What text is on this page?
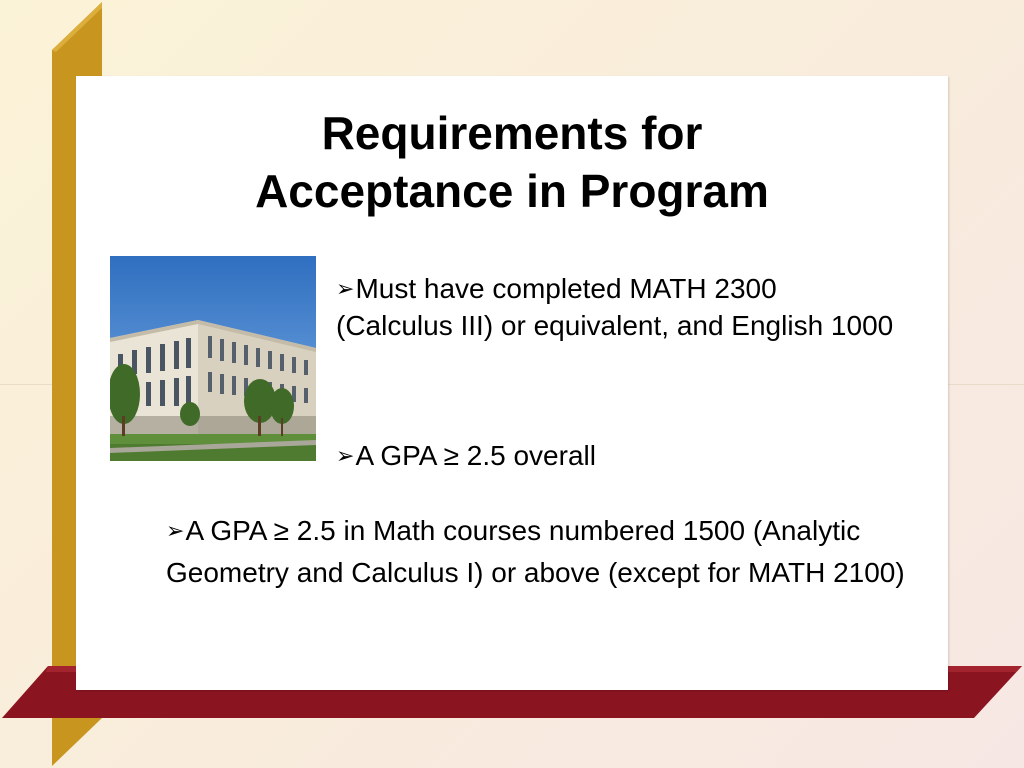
Requirements for
Acceptance in Program

➢Must have completed MATH 2300 (Calculus III) or equivalent, and English 1000

➢A GPA ≥ 2.5 overall

➢A GPA ≥ 2.5 in Math courses numbered 1500 (Analytic Geometry and Calculus I) or above (except for MATH 2100)
